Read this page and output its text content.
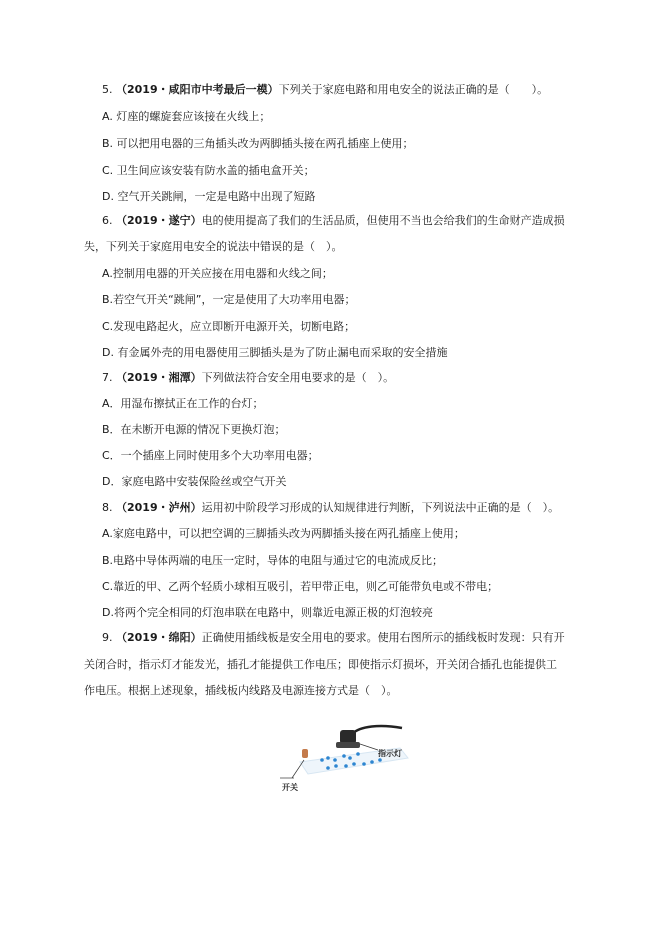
5. （2019・咸阳市中考最后一模）下列关于家庭电路和用电安全的说法正确的是（　　）。
A. 灯座的螺旋套应该接在火线上；
B. 可以把用电器的三角插头改为两脚插头接在两孔插座上使用；
C. 卫生间应该安装有防水盖的插电盒开关；
D. 空气开关跳闸，一定是电路中出现了短路
6. （2019・遂宁）电的使用提高了我们的生活品质，但使用不当也会给我们的生命财产造成损
失，下列关于家庭用电安全的说法中错误的是（　）。
A.控制用电器的开关应接在用电器和火线之间；
B.若空气开关“跳闸”，一定是使用了大功率用电器；
C.发现电路起火，应立即断开电源开关，切断电路；
D. 有金属外壳的用电器使用三脚插头是为了防止漏电而采取的安全措施
7. （2019・湘潭）下列做法符合安全用电要求的是（　）。
A．用湿布擦拭正在工作的台灯；
B．在未断开电源的情况下更换灯泡；
C．一个插座上同时使用多个大功率用电器；
D．家庭电路中安装保险丝或空气开关
8. （2019・泸州）运用初中阶段学习形成的认知规律进行判断，下列说法中正确的是（　）。
A.家庭电路中，可以把空调的三脚插头改为两脚插头接在两孔插座上使用；
B.电路中导体两端的电压一定时，导体的电阻与通过它的电流成反比；
C.靠近的甲、乙两个轻质小球相互吸引，若甲带正电，则乙可能带负电或不带电；
D.将两个完全相同的灯泡串联在电路中，则靠近电源正极的灯泡较亮
9. （2019・绵阳）正确使用插线板是安全用电的要求。使用右图所示的插线板时发现：只有开
关闭合时，指示灯才能发光，插孔才能提供工作电压；即使指示灯损坏，开关闭合插孔也能提供工
作电压。根据上述现象，插线板内线路及电源连接方式是（　）。
指示灯
开关
